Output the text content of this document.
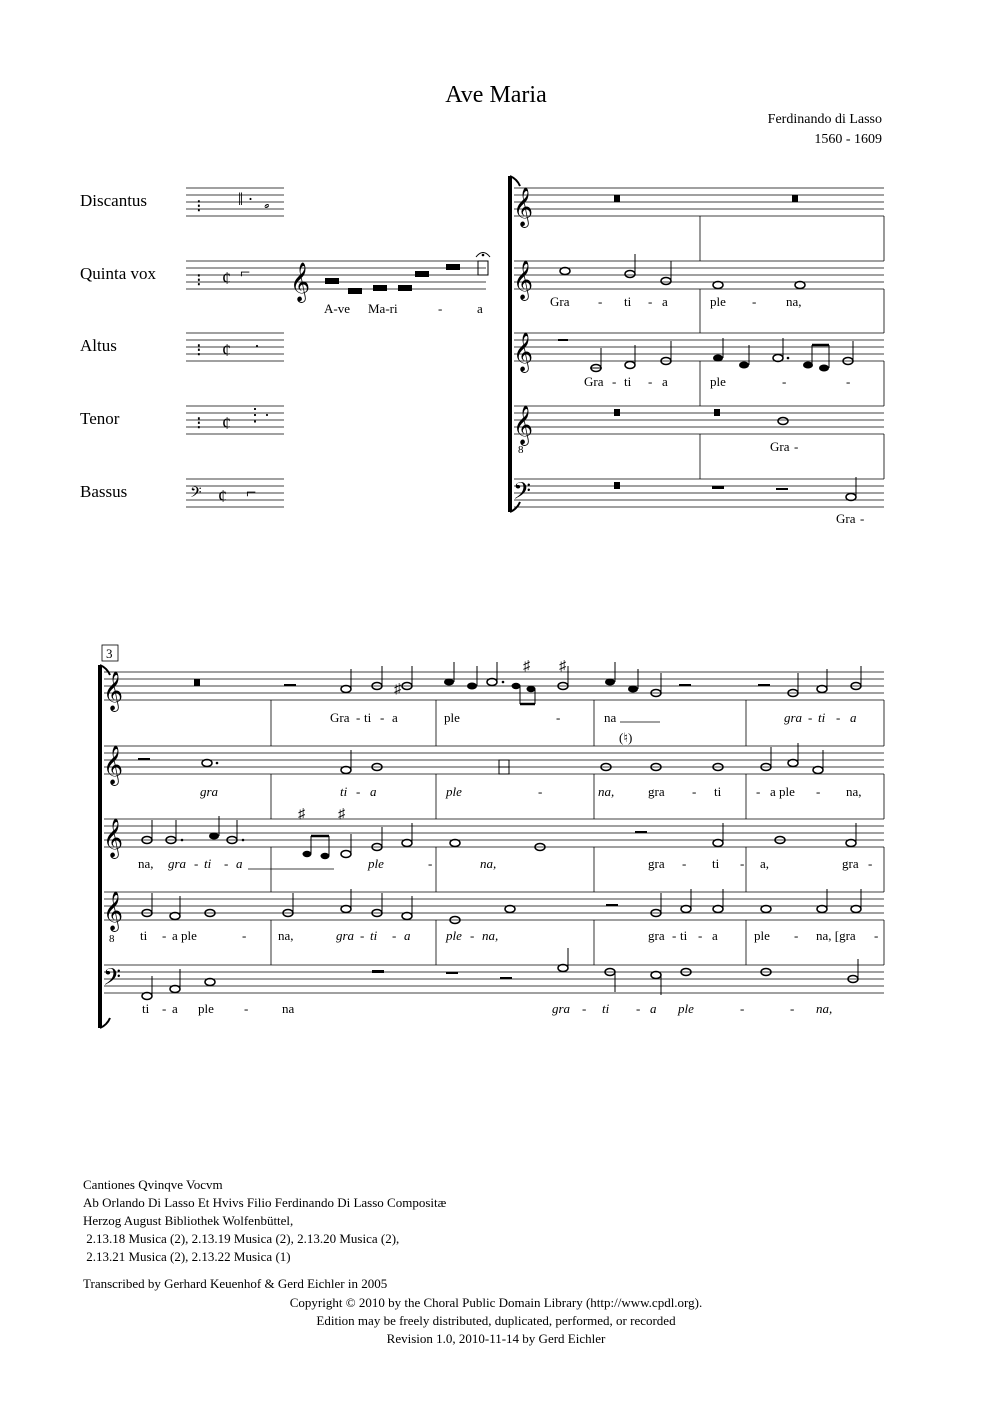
Ave Maria
Ferdinando di Lasso
1560 - 1609
Discantus
Quinta vox
Altus
Tenor
Bassus
⁝ ‖ · 𝅗
⁝ ¢ ⌐
⁝ ¢ ·
⁝ ¢ ⋮·
𝄢 ¢ ⌐
𝄞
A-ve Ma-ri	-	a
𝄞
𝄞
𝄞
𝄞
𝄢
Gra - ti - a	ple - na,
Gra - ti - a	ple	-	-
8	Gra -
Gra -
3
𝄞
𝄞
𝄞
𝄞
𝄢
♯
♯ ♯
♯ ♯
Gra - ti - a	ple	-	na
(♮)
gra - ti - a
gra	ti - a	ple	-	na,	gra - ti	- a ple - na,
na, gra - ti - a	ple	-	na,	gra - ti - a,	gra -
8 ti - a ple	- na,	gra - ti - a	ple - na,	gra - ti - a	ple - na, [gra -
ti - a ple -	na	gra - ti - a ple	-	- na,
Cantiones Qvinqve Vocvm
Ab Orlando Di Lasso Et Hvivs Filio Ferdinando Di Lasso Compositæ
Herzog August Bibliothek Wolfenbüttel,
2.13.18 Musica (2), 2.13.19 Musica (2), 2.13.20 Musica (2),
2.13.21 Musica (2), 2.13.22 Musica (1)
Transcribed by Gerhard Keuenhof & Gerd Eichler in 2005
Copyright © 2010 by the Choral Public Domain Library (http://www.cpdl.org).
Edition may be freely distributed, duplicated, performed, or recorded
Revision 1.0, 2010-11-14 by Gerd Eichler
